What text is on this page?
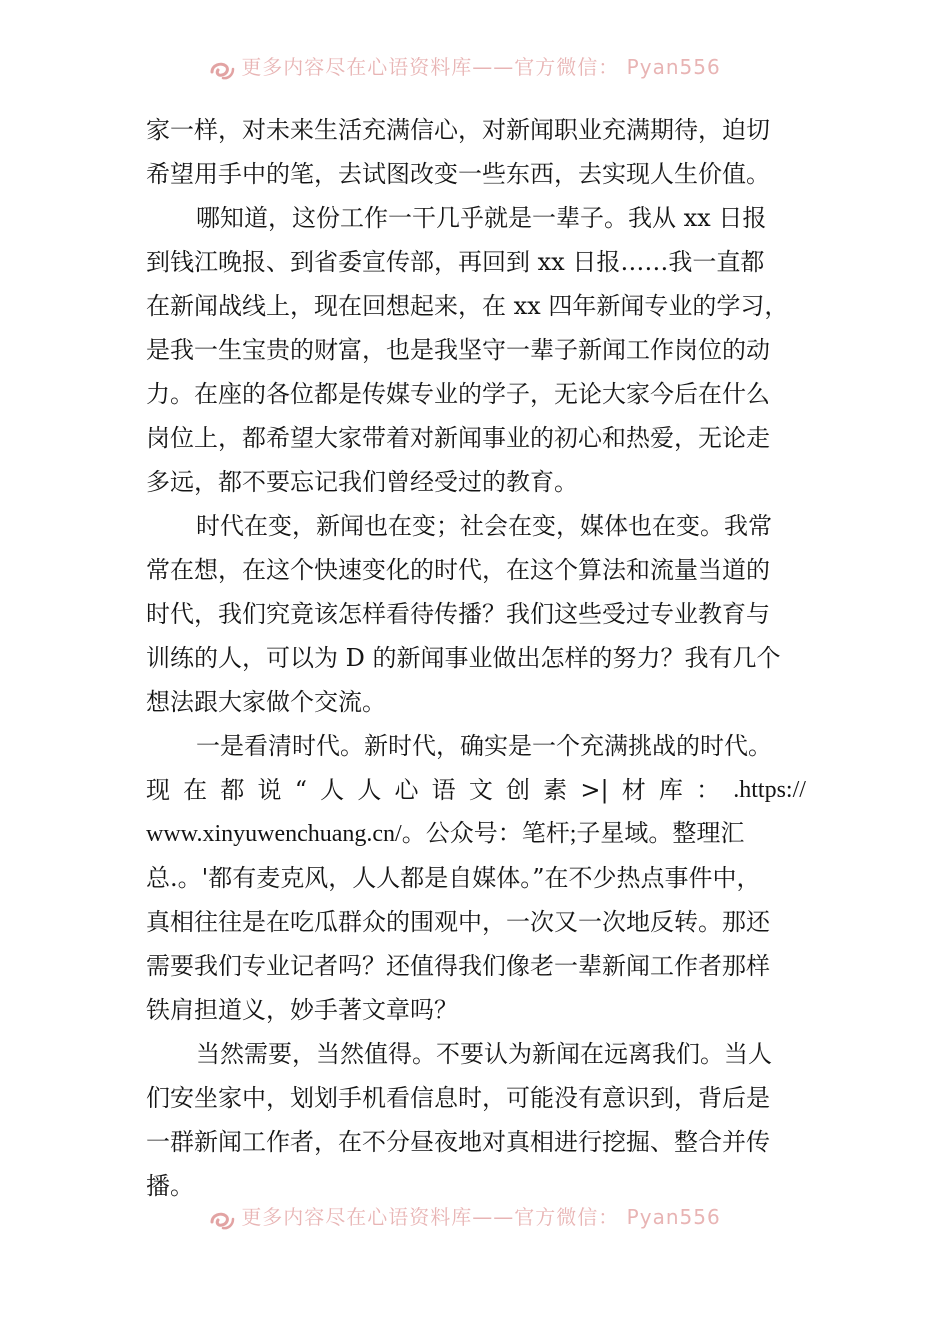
更多内容尽在心语资料库——官方微信： Pyan556
家一样，对未来生活充满信心，对新闻职业充满期待，迫切
希望用手中的笔，去试图改变一些东西，去实现人生价值。
哪知道，这份工作一干几乎就是一辈子。我从 xx 日报
到钱江晚报、到省委宣传部，再回到 xx 日报……我一直都
在新闻战线上，现在回想起来，在 xx 四年新闻专业的学习，
是我一生宝贵的财富，也是我坚守一辈子新闻工作岗位的动
力。在座的各位都是传媒专业的学子，无论大家今后在什么
岗位上，都希望大家带着对新闻事业的初心和热爱，无论走
多远，都不要忘记我们曾经受过的教育。
时代在变，新闻也在变；社会在变，媒体也在变。我常
常在想，在这个快速变化的时代，在这个算法和流量当道的
时代，我们究竟该怎样看待传播？我们这些受过专业教育与
训练的人，可以为 D 的新闻事业做出怎样的努力？我有几个
想法跟大家做个交流。
一是看清时代。新时代，确实是一个充满挑战的时代。
现 在 都 说 “ 人 人 心 语 文 创 素 >| 材 库 ： .https://
www.xinyuwenchuang.cn/。公众号：笔杆;子星域。整理汇
总.。'都有麦克风，人人都是自媒体。”在不少热点事件中，
真相往往是在吃瓜群众的围观中，一次又一次地反转。那还
需要我们专业记者吗？还值得我们像老一辈新闻工作者那样
铁肩担道义，妙手著文章吗？
当然需要，当然值得。不要认为新闻在远离我们。当人
们安坐家中，划划手机看信息时，可能没有意识到，背后是
一群新闻工作者，在不分昼夜地对真相进行挖掘、整合并传
播。
更多内容尽在心语资料库——官方微信： Pyan556
